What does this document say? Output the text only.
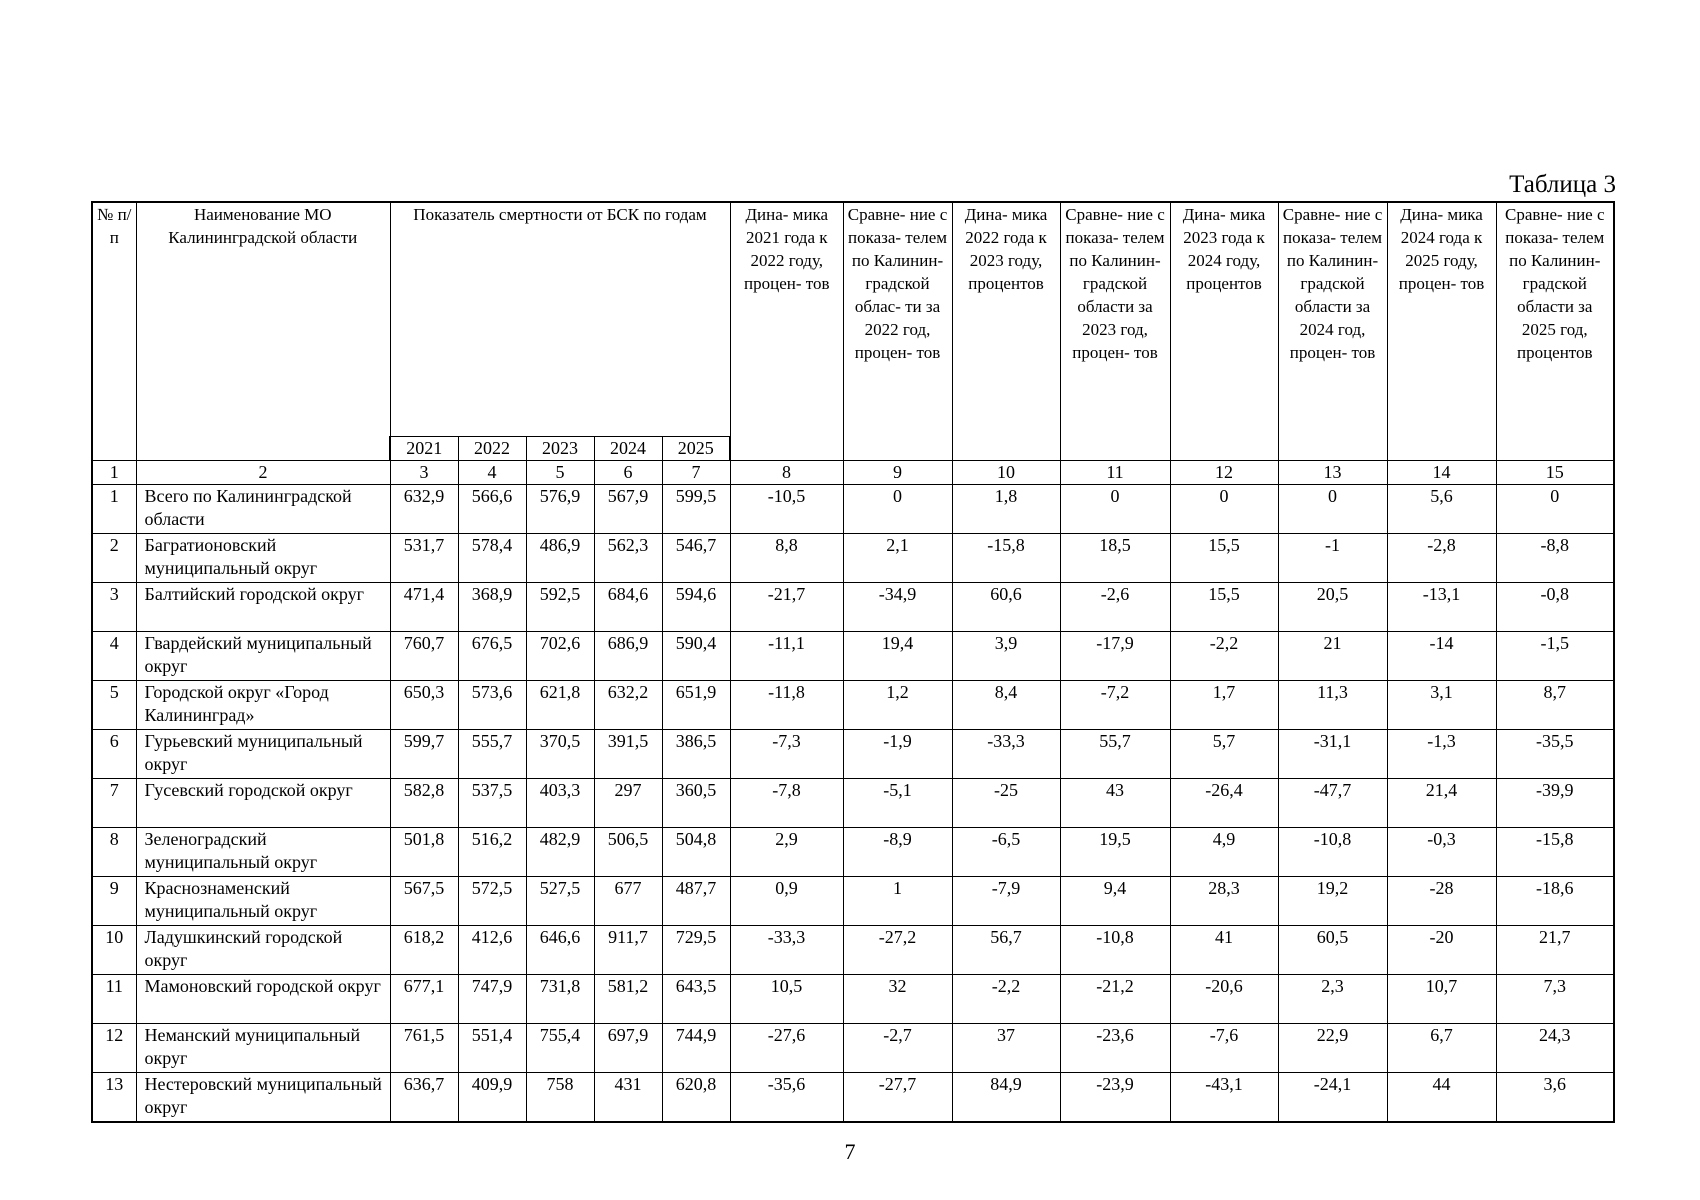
Таблица 3
№ п/п	Наименование МО Калининградской области	Показатель смертности от БСК по годам					Дина- мика 2021 года к 2022 году, процен- тов	Сравне- ние с показа- телем по Калинин- градской облас- ти за 2022 год, процен- тов	Дина- мика 2022 года к 2023 году, процентов	Сравне- ние с показа- телем по Калинин- градской области за 2023 год, процен- тов	Дина- мика 2023 года к 2024 году, процентов	Сравне- ние с показа- телем по Калинин- градской области за 2024 год, процен- тов	Дина- мика 2024 года к 2025 году, процен- тов	Сравне- ние с показа- телем по Калинин- градской области за 2025 год, процентов
		2021	2022	2023	2024	2025								
1	2	3	4	5	6	7	8	9	10	11	12	13	14	15
1	Всего по Калининградской области	632,9	566,6	576,9	567,9	599,5	-10,5	0	1,8	0	0	0	5,6	0
2	Багратионовский муниципальный округ	531,7	578,4	486,9	562,3	546,7	8,8	2,1	-15,8	18,5	15,5	-1	-2,8	-8,8
3	Балтийский городской округ	471,4	368,9	592,5	684,6	594,6	-21,7	-34,9	60,6	-2,6	15,5	20,5	-13,1	-0,8
4	Гвардейский муниципальный округ	760,7	676,5	702,6	686,9	590,4	-11,1	19,4	3,9	-17,9	-2,2	21	-14	-1,5
5	Городской округ «Город Калининград»	650,3	573,6	621,8	632,2	651,9	-11,8	1,2	8,4	-7,2	1,7	11,3	3,1	8,7
6	Гурьевский муниципальный округ	599,7	555,7	370,5	391,5	386,5	-7,3	-1,9	-33,3	55,7	5,7	-31,1	-1,3	-35,5
7	Гусевский городской округ	582,8	537,5	403,3	297	360,5	-7,8	-5,1	-25	43	-26,4	-47,7	21,4	-39,9
8	Зеленоградский муниципальный округ	501,8	516,2	482,9	506,5	504,8	2,9	-8,9	-6,5	19,5	4,9	-10,8	-0,3	-15,8
9	Краснознаменский муниципальный округ	567,5	572,5	527,5	677	487,7	0,9	1	-7,9	9,4	28,3	19,2	-28	-18,6
10	Ладушкинский городской округ	618,2	412,6	646,6	911,7	729,5	-33,3	-27,2	56,7	-10,8	41	60,5	-20	21,7
11	Мамоновский городской округ	677,1	747,9	731,8	581,2	643,5	10,5	32	-2,2	-21,2	-20,6	2,3	10,7	7,3
12	Неманский муниципальный округ	761,5	551,4	755,4	697,9	744,9	-27,6	-2,7	37	-23,6	-7,6	22,9	6,7	24,3
13	Нестеровский муниципальный округ	636,7	409,9	758	431	620,8	-35,6	-27,7	84,9	-23,9	-43,1	-24,1	44	3,6
7
